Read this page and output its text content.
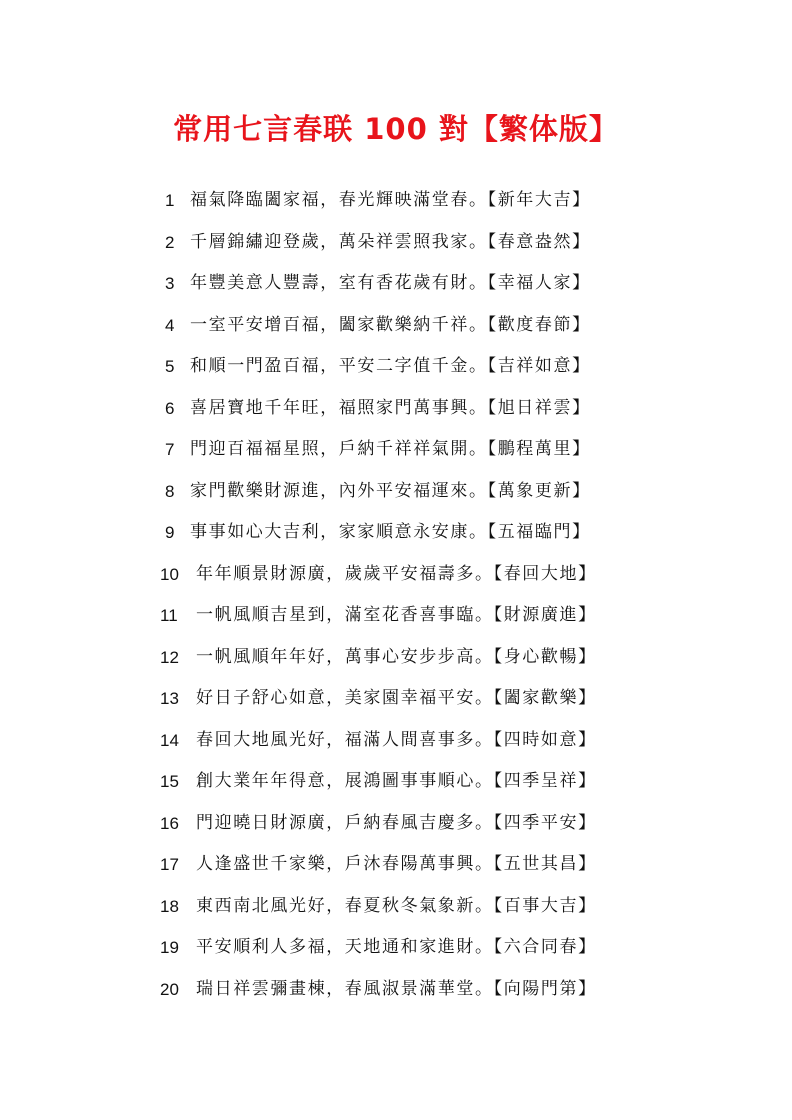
常用七言春联 100 對【繁体版】
1 福氣降臨闔家福，春光輝映滿堂春。【新年大吉】
2 千層錦繡迎登歲，萬朵祥雲照我家。【春意盎然】
3 年豐美意人豐壽，室有香花歲有財。【幸福人家】
4 一室平安增百福，闔家歡樂納千祥。【歡度春節】
5 和順一門盈百福，平安二字值千金。【吉祥如意】
6 喜居寶地千年旺，福照家門萬事興。【旭日祥雲】
7 門迎百福福星照，戶納千祥祥氣開。【鵬程萬里】
8 家門歡樂財源進，內外平安福運來。【萬象更新】
9 事事如心大吉利，家家順意永安康。【五福臨門】
10 年年順景財源廣，歲歲平安福壽多。【春回大地】
11 一帆風順吉星到，滿室花香喜事臨。【財源廣進】
12 一帆風順年年好，萬事心安步步高。【身心歡暢】
13 好日子舒心如意，美家園幸福平安。【闔家歡樂】
14 春回大地風光好，福滿人間喜事多。【四時如意】
15 創大業年年得意，展鴻圖事事順心。【四季呈祥】
16 門迎曉日財源廣，戶納春風吉慶多。【四季平安】
17 人逢盛世千家樂，戶沐春陽萬事興。【五世其昌】
18 東西南北風光好，春夏秋冬氣象新。【百事大吉】
19 平安順利人多福，天地通和家進財。【六合同春】
20 瑞日祥雲彌畫棟，春風淑景滿華堂。【向陽門第】
